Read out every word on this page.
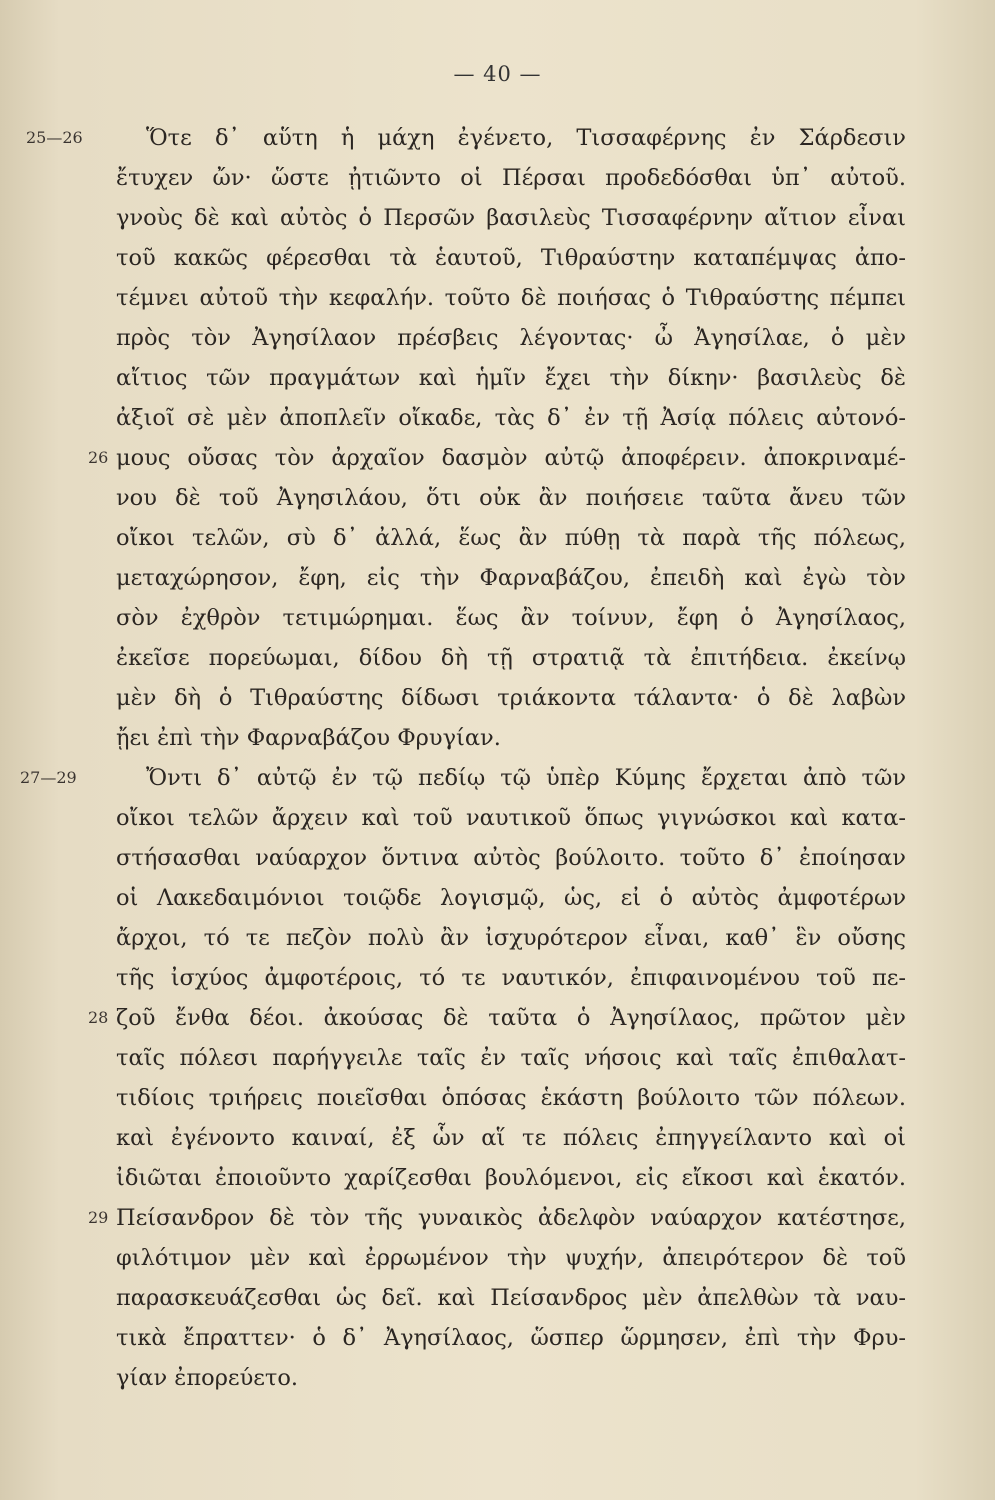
— 40 —
25—26	Ὅτε δ᾽ αὕτη ἡ μάχη ἐγένετο, Τισσαφέρνης ἐν Σάρδεσιν
ἔτυχεν ὤν· ὥστε ᾐτιῶντο οἱ Πέρσαι προδεδόσθαι ὑπ᾽ αὐτοῦ.
γνοὺς δὲ καὶ αὐτὸς ὁ Περσῶν βασιλεὺς Τισσαφέρνην αἴτιον εἶναι
τοῦ κακῶς φέρεσθαι τὰ ἑαυτοῦ, Τιθραύστην καταπέμψας ἀπο-
τέμνει αὐτοῦ τὴν κεφαλήν. τοῦτο δὲ ποιήσας ὁ Τιθραύστης πέμπει
πρὸς τὸν Ἀγησίλαον πρέσβεις λέγοντας· ὦ Ἀγησίλαε, ὁ μὲν
αἴτιος τῶν πραγμάτων καὶ ἡμῖν ἔχει τὴν δίκην· βασιλεὺς δὲ
ἀξιοῖ σὲ μὲν ἀποπλεῖν οἴκαδε, τὰς δ᾽ ἐν τῇ Ἀσίᾳ πόλεις αὐτονό-
26 μους οὔσας τὸν ἀρχαῖον δασμὸν αὐτῷ ἀποφέρειν. ἀποκριναμέ-
νου δὲ τοῦ Ἀγησιλάου, ὅτι οὐκ ἂν ποιήσειε ταῦτα ἄνευ τῶν
οἴκοι τελῶν, σὺ δ᾽ ἀλλά, ἕως ἂν πύθῃ τὰ παρὰ τῆς πόλεως,
μεταχώρησον, ἔφη, εἰς τὴν Φαρναβάζου, ἐπειδὴ καὶ ἐγὼ τὸν
σὸν ἐχθρὸν τετιμώρημαι. ἕως ἂν τοίνυν, ἔφη ὁ Ἀγησίλαος,
ἐκεῖσε πορεύωμαι, δίδου δὴ τῇ στρατιᾷ τὰ ἐπιτήδεια. ἐκείνῳ
μὲν δὴ ὁ Τιθραύστης δίδωσι τριάκοντα τάλαντα· ὁ δὲ λαβὼν
ᾔει ἐπὶ τὴν Φαρναβάζου Φρυγίαν.
27—29	Ὄντι δ᾽ αὐτῷ ἐν τῷ πεδίῳ τῷ ὑπὲρ Κύμης ἔρχεται ἀπὸ τῶν
οἴκοι τελῶν ἄρχειν καὶ τοῦ ναυτικοῦ ὅπως γιγνώσκοι καὶ κατα-
στήσασθαι ναύαρχον ὅντινα αὐτὸς βούλοιτο. τοῦτο δ᾽ ἐποίησαν
οἱ Λακεδαιμόνιοι τοιῷδε λογισμῷ, ὡς, εἰ ὁ αὐτὸς ἀμφοτέρων
ἄρχοι, τό τε πεζὸν πολὺ ἂν ἰσχυρότερον εἶναι, καθ᾽ ἓν οὔσης
τῆς ἰσχύος ἀμφοτέροις, τό τε ναυτικόν, ἐπιφαινομένου τοῦ πε-
28 ζοῦ ἔνθα δέοι. ἀκούσας δὲ ταῦτα ὁ Ἀγησίλαος, πρῶτον μὲν
ταῖς πόλεσι παρήγγειλε ταῖς ἐν ταῖς νήσοις καὶ ταῖς ἐπιθαλατ-
τιδίοις τριήρεις ποιεῖσθαι ὁπόσας ἑκάστη βούλοιτο τῶν πόλεων.
καὶ ἐγένοντο καιναί, ἐξ ὧν αἵ τε πόλεις ἐπηγγείλαντο καὶ οἱ
ἰδιῶται ἐποιοῦντο χαρίζεσθαι βουλόμενοι, εἰς εἴκοσι καὶ ἑκατόν.
29 Πείσανδρον δὲ τὸν τῆς γυναικὸς ἀδελφὸν ναύαρχον κατέστησε,
φιλότιμον μὲν καὶ ἐρρωμένον τὴν ψυχήν, ἀπειρότερον δὲ τοῦ
παρασκευάζεσθαι ὡς δεῖ. καὶ Πείσανδρος μὲν ἀπελθὼν τὰ ναυ-
τικὰ ἔπραττεν· ὁ δ᾽ Ἀγησίλαος, ὥσπερ ὥρμησεν, ἐπὶ τὴν Φρυ-
γίαν ἐπορεύετο.
